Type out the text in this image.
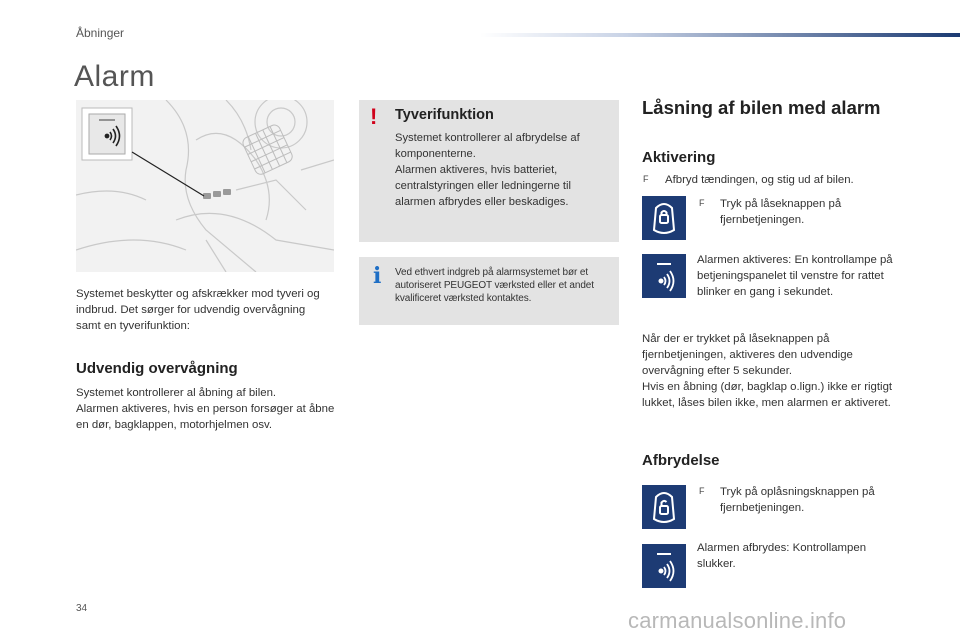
Åbninger
Alarm
Systemet beskytter og afskrækker mod tyveri og indbrud. Det sørger for udvendig overvågning samt en tyverifunktion:
Udvendig overvågning
Systemet kontrollerer al åbning af bilen.
Alarmen aktiveres, hvis en person forsøger at åbne en dør, bagklappen, motorhjelmen osv.
! Tyverifunktion
Systemet kontrollerer al afbrydelse af komponenterne.
Alarmen aktiveres, hvis batteriet, centralstyringen eller ledningerne til alarmen afbrydes eller beskadiges.
i Ved ethvert indgreb på alarmsystemet bør et autoriseret PEUGEOT værksted eller et andet kvalificeret værksted kontaktes.
Låsning af bilen med alarm
Aktivering
F Afbryd tændingen, og stig ud af bilen.
F Tryk på låseknappen på fjernbetjeningen.
Alarmen aktiveres: En kontrollampe på betjeningspanelet til venstre for rattet blinker en gang i sekundet.
Når der er trykket på låseknappen på fjernbetjeningen, aktiveres den udvendige overvågning efter 5 sekunder.
Hvis en åbning (dør, bagklap o.lign.) ikke er rigtigt lukket, låses bilen ikke, men alarmen er aktiveret.
Afbrydelse
F Tryk på oplåsningsknappen på fjernbetjeningen.
Alarmen afbrydes: Kontrollampen slukker.
34	carmanualsonline.info
